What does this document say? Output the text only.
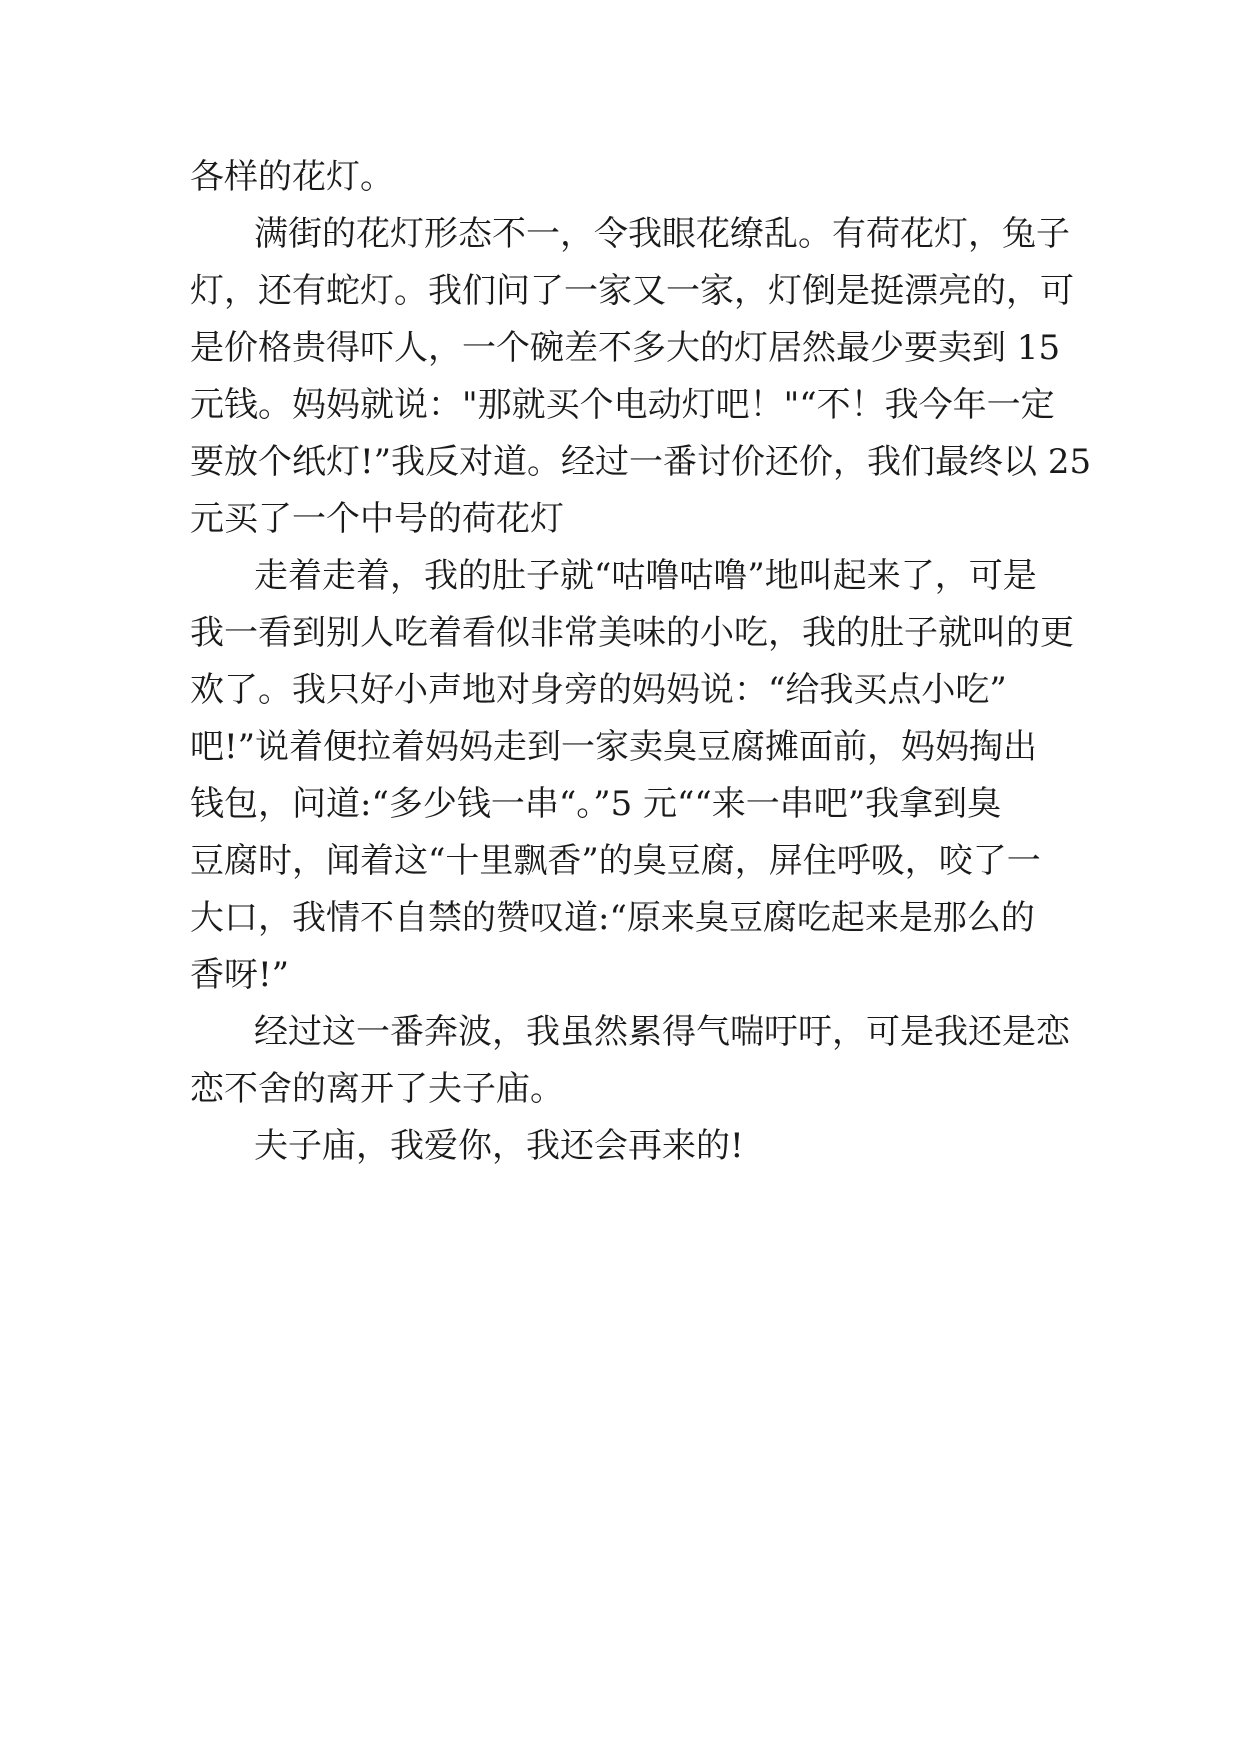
各样的花灯。
满街的花灯形态不一，令我眼花缭乱。有荷花灯，兔子
灯，还有蛇灯。我们问了一家又一家，灯倒是挺漂亮的，可
是价格贵得吓人，一个碗差不多大的灯居然最少要卖到 15
元钱。妈妈就说："那就买个电动灯吧！"“不！我今年一定
要放个纸灯!”我反对道。经过一番讨价还价，我们最终以 25
元买了一个中号的荷花灯
走着走着，我的肚子就“咕噜咕噜”地叫起来了，可是
我一看到别人吃着看似非常美味的小吃，我的肚子就叫的更
欢了。我只好小声地对身旁的妈妈说：“给我买点小吃”
吧!”说着便拉着妈妈走到一家卖臭豆腐摊面前，妈妈掏出
钱包，问道:“多少钱一串“。”5 元““来一串吧”我拿到臭
豆腐时，闻着这“十里飘香”的臭豆腐，屏住呼吸，咬了一
大口，我情不自禁的赞叹道:“原来臭豆腐吃起来是那么的
香呀!”
经过这一番奔波，我虽然累得气喘吁吁，可是我还是恋
恋不舍的离开了夫子庙。
夫子庙，我爱你，我还会再来的!
